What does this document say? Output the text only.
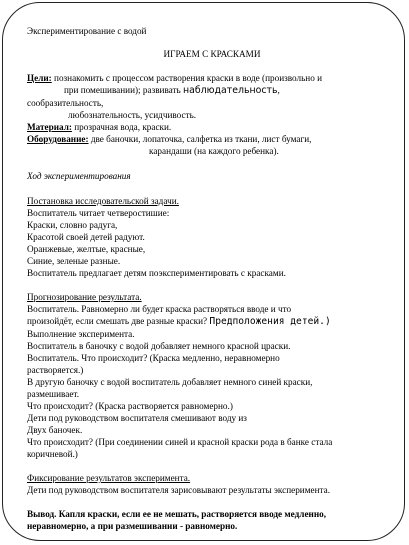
Экспериментирование с водой

ИГРАЕМ С КРАСКАМИ

Цели: познакомить с процессом растворения краски в воде (произвольно и

при помешивании); развивать наблюдательность,

сообразительность,

любознательность, усидчивость.

Материал: прозрачная вода, краски.

Оборудование: две баночки, лопаточка, салфетка из ткани, лист бумаги,

карандаши (на каждого ребенка).

Ход экспериментирования

Постановка исследовательской задачи.

Воспитатель читает четверостишие:

Краски, словно радуга,

Красотой своей детей радуют.

Оранжевые, желтые, красные,

Синие, зеленые разные.

Воспитатель предлагает детям поэкспериментировать с красками.

Прогнозирование результата.

Воспитатель. Равномерно ли будет краска растворяться вводе и что

произойдёт, если смешать две разные краски? Предположения детей.)

Выполнение эксперимента.

Воспитатель в баночку с водой добавляет немного красной цраски.

Воспитатель. Что происходит? (Краска медленно, неравномерно

растворяется.)

В другую баночку с водой воспитатель добавляет немного синей краски,

размешивает.

Что происходит? (Краска растворяется равномерно.)

Дети под руководством воспитателя смешивают воду из

Двух баночек.

Что происходит? (При соединении синей и красной краски рода в банке стала

коричневой.)

Фиксирование результатов эксперимента.

Дети под руководством воспитателя зарисовывают результаты эксперимента.

Вывод. Капля краски, если ее не мешать, растворяется вводе медленно,

неравномерно, а при размешивании - равномерно.
